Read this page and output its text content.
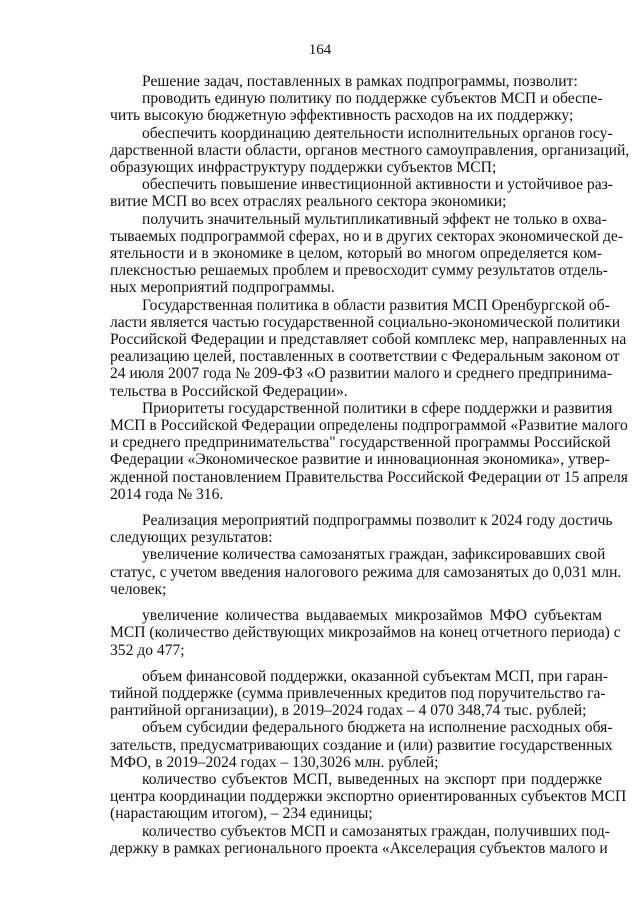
164
Решение задач, поставленных в рамках подпрограммы, позволит:
проводить единую политику по поддержке субъектов МСП и обеспе-
чить высокую бюджетную эффективность расходов на их поддержку;
обеспечить координацию деятельности исполнительных органов госу-
дарственной власти области, органов местного самоуправления, организаций,
образующих инфраструктуру поддержки субъектов МСП;
обеспечить повышение инвестиционной активности и устойчивое раз-
витие МСП во всех отраслях реального сектора экономики;
получить значительный мультипликативный эффект не только в охва-
тываемых подпрограммой сферах, но и в других секторах экономической де-
ятельности и в экономике в целом, который во многом определяется ком-
плексностью решаемых проблем и превосходит сумму результатов отдель-
ных мероприятий подпрограммы.
Государственная политика в области развития МСП Оренбургской об-
ласти является частью государственной социально-экономической политики
Российской Федерации и представляет собой комплекс мер, направленных на
реализацию целей, поставленных в соответствии с Федеральным законом от
24 июля 2007 года № 209-ФЗ «О развитии малого и среднего предпринима-
тельства в Российской Федерации».
Приоритеты государственной политики в сфере поддержки и развития
МСП в Российской Федерации определены подпрограммой «Развитие малого
и среднего предпринимательства" государственной программы Российской
Федерации «Экономическое развитие и инновационная экономика», утвер-
жденной постановлением Правительства Российской Федерации от 15 апреля
2014 года № 316.
Реализация мероприятий подпрограммы позволит к 2024 году достичь
следующих результатов:
увеличение количества самозанятых граждан, зафиксировавших свой
статус, с учетом введения налогового режима для самозанятых до 0,031 млн.
человек;
увеличение количества выдаваемых микрозаймов МФО субъектам
МСП (количество действующих микрозаймов на конец отчетного периода) с
352 до 477;
объем финансовой поддержки, оказанной субъектам МСП, при гаран-
тийной поддержке (сумма привлеченных кредитов под поручительство га-
рантийной организации), в 2019–2024 годах – 4 070 348,74 тыс. рублей;
объем субсидии федерального бюджета на исполнение расходных обя-
зательств, предусматривающих создание и (или) развитие государственных
МФО, в 2019–2024 годах – 130,3026 млн. рублей;
количество субъектов МСП, выведенных на экспорт при поддержке
центра координации поддержки экспортно ориентированных субъектов МСП
(нарастающим итогом), – 234 единицы;
количество субъектов МСП и самозанятых граждан, получивших под-
держку в рамках регионального проекта «Акселерация субъектов малого и
